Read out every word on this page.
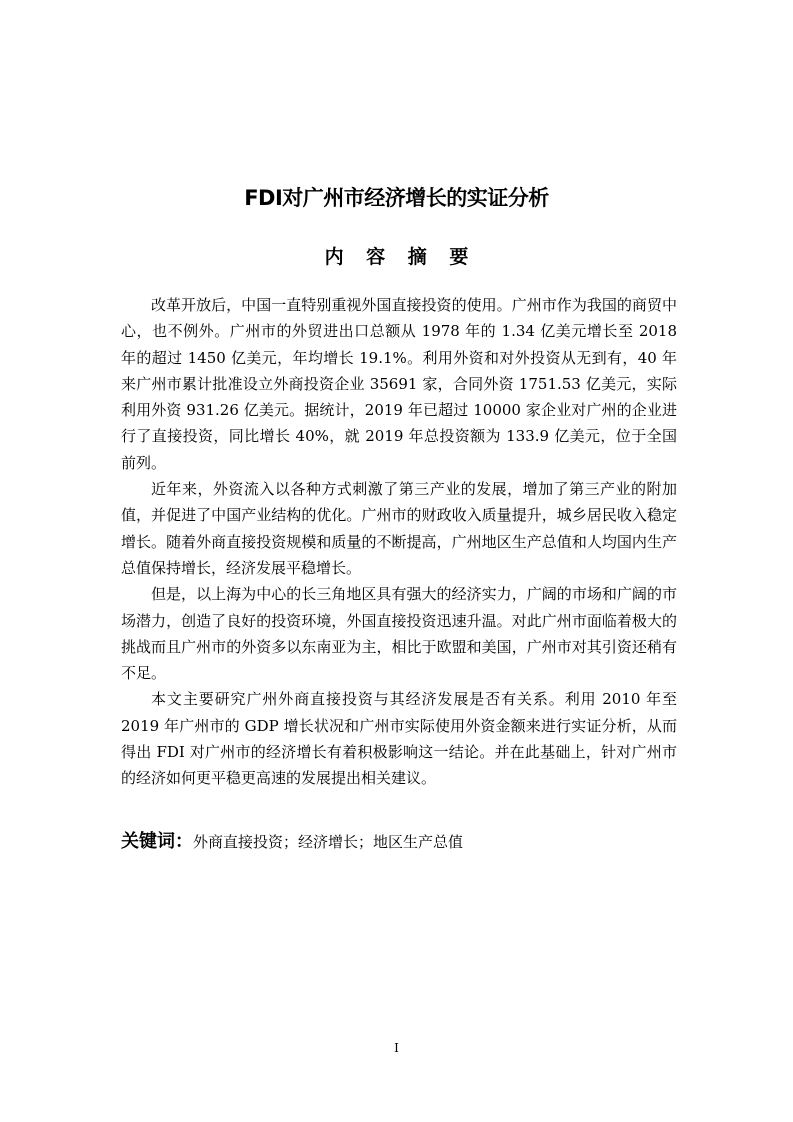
FDI对广州市经济增长的实证分析
内 容 摘 要

改革开放后，中国一直特别重视外国直接投资的使用。广州市作为我国的商贸中心，也不例外。广州市的外贸进出口总额从 1978 年的 1.34 亿美元增长至 2018 年的超过 1450 亿美元，年均增长 19.1%。利用外资和对外投资从无到有，40 年来广州市累计批准设立外商投资企业 35691 家，合同外资 1751.53 亿美元，实际利用外资 931.26 亿美元。据统计，2019 年已超过 10000 家企业对广州的企业进行了直接投资，同比增长 40%，就 2019 年总投资额为 133.9 亿美元，位于全国前列。

近年来，外资流入以各种方式刺激了第三产业的发展，增加了第三产业的附加值，并促进了中国产业结构的优化。广州市的财政收入质量提升，城乡居民收入稳定增长。随着外商直接投资规模和质量的不断提高，广州地区生产总值和人均国内生产总值保持增长，经济发展平稳增长。

但是，以上海为中心的长三角地区具有强大的经济实力，广阔的市场和广阔的市场潜力，创造了良好的投资环境，外国直接投资迅速升温。对此广州市面临着极大的挑战而且广州市的外资多以东南亚为主，相比于欧盟和美国，广州市对其引资还稍有不足。

本文主要研究广州外商直接投资与其经济发展是否有关系。利用 2010 年至 2019 年广州市的 GDP 增长状况和广州市实际使用外资金额来进行实证分析，从而得出 FDI 对广州市的经济增长有着积极影响这一结论。并在此基础上，针对广州市的经济如何更平稳更高速的发展提出相关建议。

关键词：外商直接投资；经济增长；地区生产总值
I
